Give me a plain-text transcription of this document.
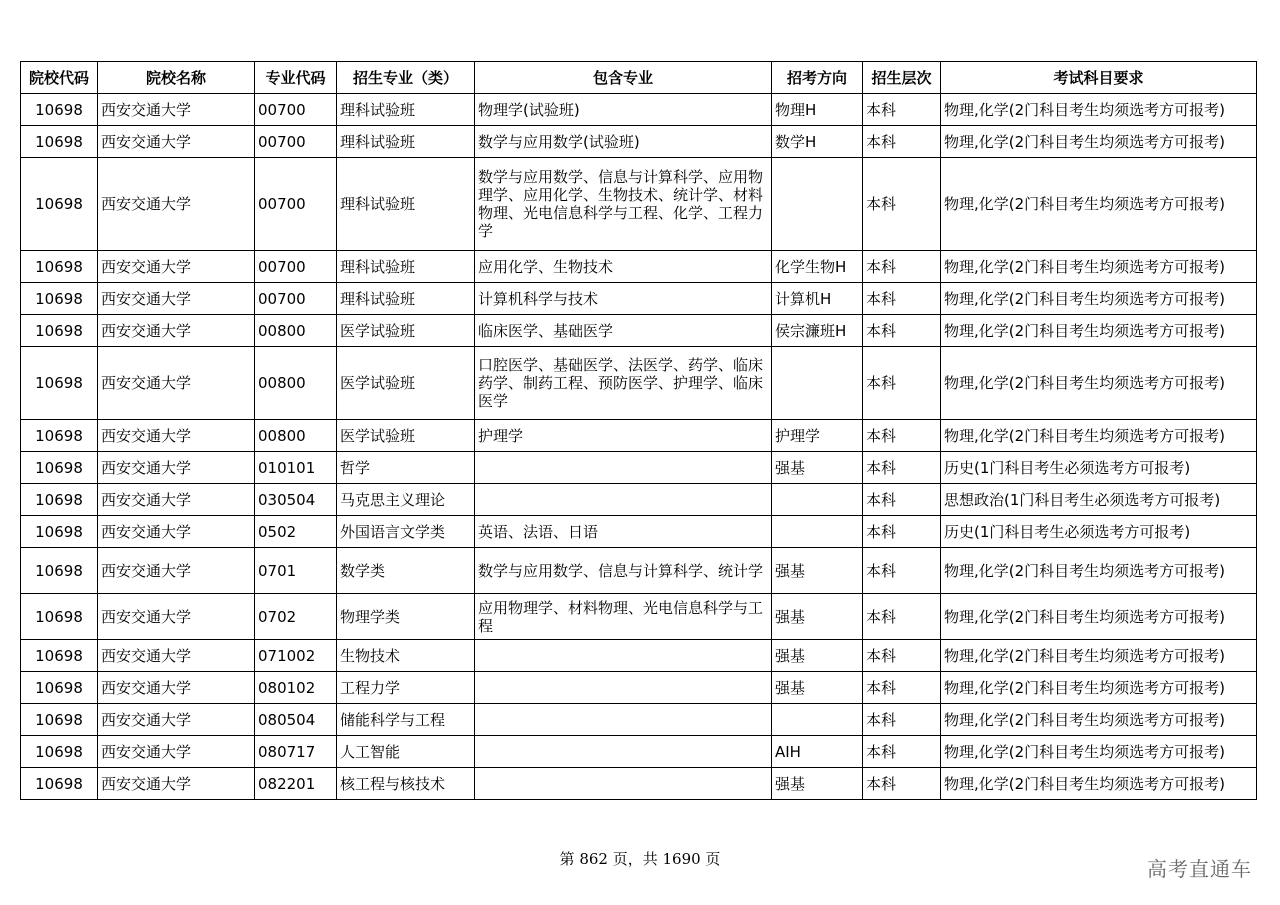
院校代码	院校名称	专业代码	招生专业（类）	包含专业	招考方向	招生层次	考试科目要求
10698	西安交通大学	00700	理科试验班	物理学(试验班)	物理H	本科	物理,化学(2门科目考生均须选考方可报考)
10698	西安交通大学	00700	理科试验班	数学与应用数学(试验班)	数学H	本科	物理,化学(2门科目考生均须选考方可报考)
10698	西安交通大学	00700	理科试验班	数学与应用数学、信息与计算科学、应用物理学、应用化学、生物技术、统计学、材料物理、光电信息科学与工程、化学、工程力学		本科	物理,化学(2门科目考生均须选考方可报考)
10698	西安交通大学	00700	理科试验班	应用化学、生物技术	化学生物H	本科	物理,化学(2门科目考生均须选考方可报考)
10698	西安交通大学	00700	理科试验班	计算机科学与技术	计算机H	本科	物理,化学(2门科目考生均须选考方可报考)
10698	西安交通大学	00800	医学试验班	临床医学、基础医学	侯宗濂班H	本科	物理,化学(2门科目考生均须选考方可报考)
10698	西安交通大学	00800	医学试验班	口腔医学、基础医学、法医学、药学、临床药学、制药工程、预防医学、护理学、临床医学		本科	物理,化学(2门科目考生均须选考方可报考)
10698	西安交通大学	00800	医学试验班	护理学	护理学	本科	物理,化学(2门科目考生均须选考方可报考)
10698	西安交通大学	010101	哲学		强基	本科	历史(1门科目考生必须选考方可报考)
10698	西安交通大学	030504	马克思主义理论			本科	思想政治(1门科目考生必须选考方可报考)
10698	西安交通大学	0502	外国语言文学类	英语、法语、日语		本科	历史(1门科目考生必须选考方可报考)
10698	西安交通大学	0701	数学类	数学与应用数学、信息与计算科学、统计学	强基	本科	物理,化学(2门科目考生均须选考方可报考)
10698	西安交通大学	0702	物理学类	应用物理学、材料物理、光电信息科学与工程	强基	本科	物理,化学(2门科目考生均须选考方可报考)
10698	西安交通大学	071002	生物技术		强基	本科	物理,化学(2门科目考生均须选考方可报考)
10698	西安交通大学	080102	工程力学		强基	本科	物理,化学(2门科目考生均须选考方可报考)
10698	西安交通大学	080504	储能科学与工程			本科	物理,化学(2门科目考生均须选考方可报考)
10698	西安交通大学	080717	人工智能		AIH	本科	物理,化学(2门科目考生均须选考方可报考)
10698	西安交通大学	082201	核工程与核技术		强基	本科	物理,化学(2门科目考生均须选考方可报考)
第 862 页，共 1690 页	高考直通车
